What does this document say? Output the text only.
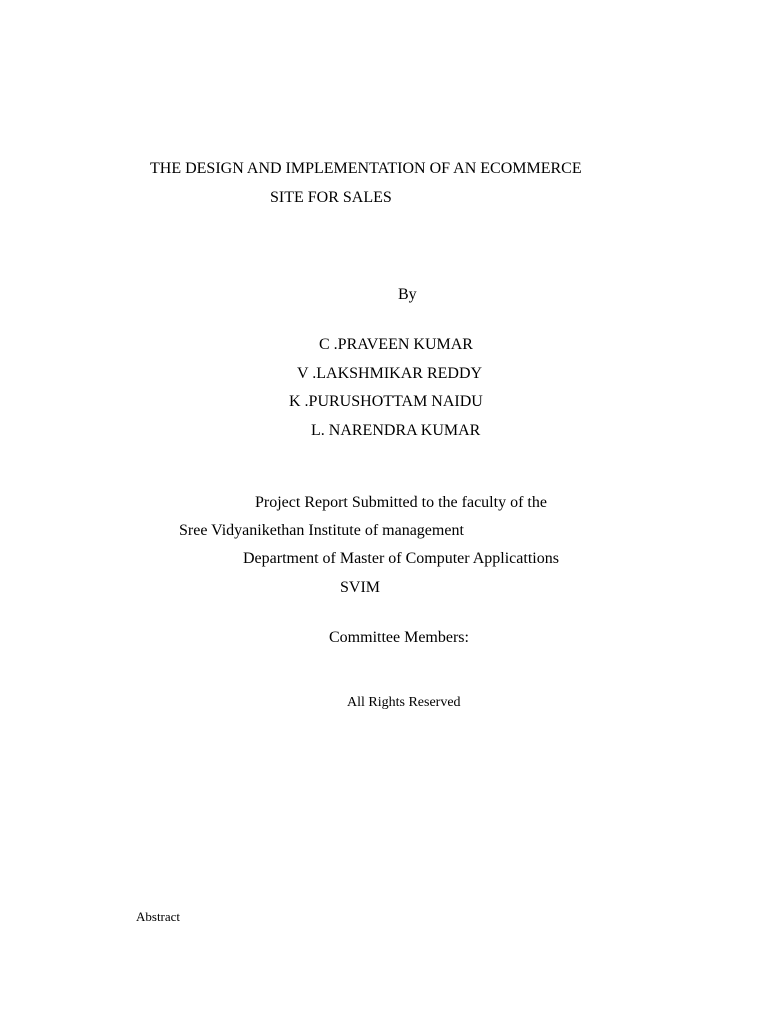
THE DESIGN AND IMPLEMENTATION OF AN ECOMMERCE
SITE FOR SALES
By
C .PRAVEEN KUMAR
V .LAKSHMIKAR REDDY
K .PURUSHOTTAM NAIDU
L. NARENDRA KUMAR
Project Report Submitted to the faculty of the
Sree Vidyanikethan Institute of management
Department of Master of Computer Applicattions
SVIM
Committee Members:
All Rights Reserved
Abstract
